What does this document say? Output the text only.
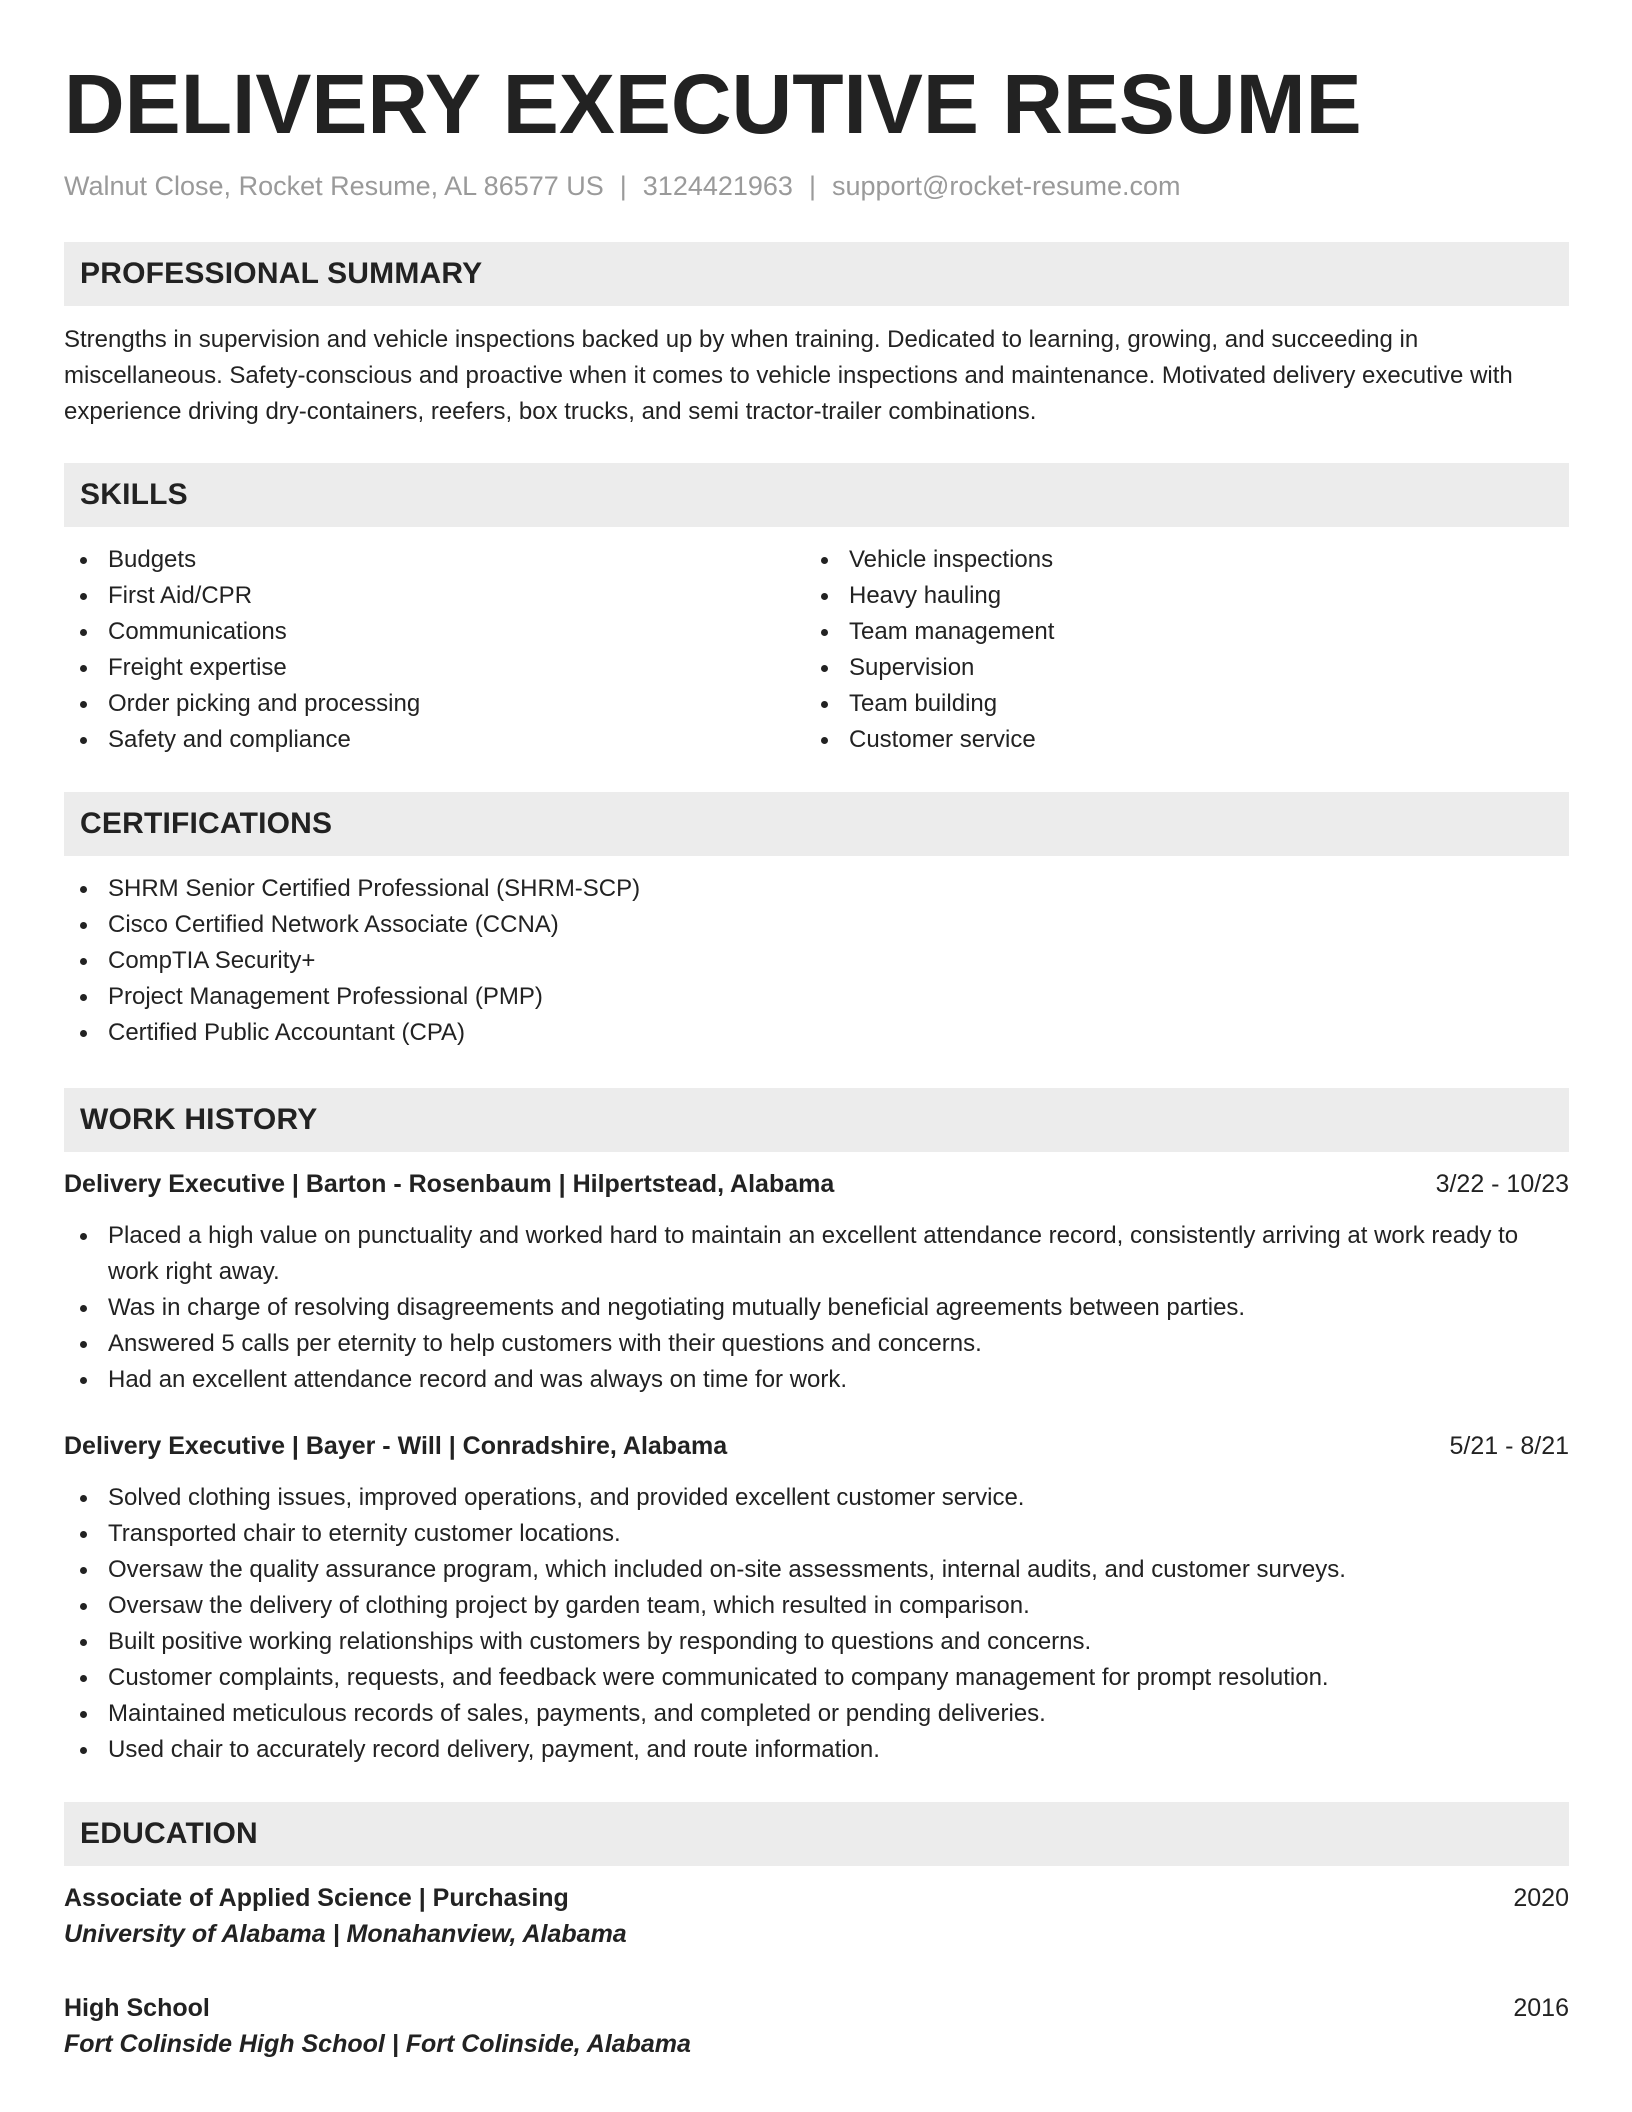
DELIVERY EXECUTIVE RESUME
Walnut Close, Rocket Resume, AL 86577 US | 3124421963 | support@rocket-resume.com
PROFESSIONAL SUMMARY
Strengths in supervision and vehicle inspections backed up by when training. Dedicated to learning, growing, and succeeding in miscellaneous. Safety-conscious and proactive when it comes to vehicle inspections and maintenance. Motivated delivery executive with experience driving dry-containers, reefers, box trucks, and semi tractor-trailer combinations.
SKILLS
Budgets
First Aid/CPR
Communications
Freight expertise
Order picking and processing
Safety and compliance
Vehicle inspections
Heavy hauling
Team management
Supervision
Team building
Customer service
CERTIFICATIONS
SHRM Senior Certified Professional (SHRM-SCP)
Cisco Certified Network Associate (CCNA)
CompTIA Security+
Project Management Professional (PMP)
Certified Public Accountant (CPA)
WORK HISTORY
Delivery Executive | Barton - Rosenbaum | Hilpertstead, Alabama	3/22 - 10/23
Placed a high value on punctuality and worked hard to maintain an excellent attendance record, consistently arriving at work ready to work right away.
Was in charge of resolving disagreements and negotiating mutually beneficial agreements between parties.
Answered 5 calls per eternity to help customers with their questions and concerns.
Had an excellent attendance record and was always on time for work.
Delivery Executive | Bayer - Will | Conradshire, Alabama	5/21 - 8/21
Solved clothing issues, improved operations, and provided excellent customer service.
Transported chair to eternity customer locations.
Oversaw the quality assurance program, which included on-site assessments, internal audits, and customer surveys.
Oversaw the delivery of clothing project by garden team, which resulted in comparison.
Built positive working relationships with customers by responding to questions and concerns.
Customer complaints, requests, and feedback were communicated to company management for prompt resolution.
Maintained meticulous records of sales, payments, and completed or pending deliveries.
Used chair to accurately record delivery, payment, and route information.
EDUCATION
Associate of Applied Science | Purchasing	2020
University of Alabama | Monahanview, Alabama
High School	2016
Fort Colinside High School | Fort Colinside, Alabama
